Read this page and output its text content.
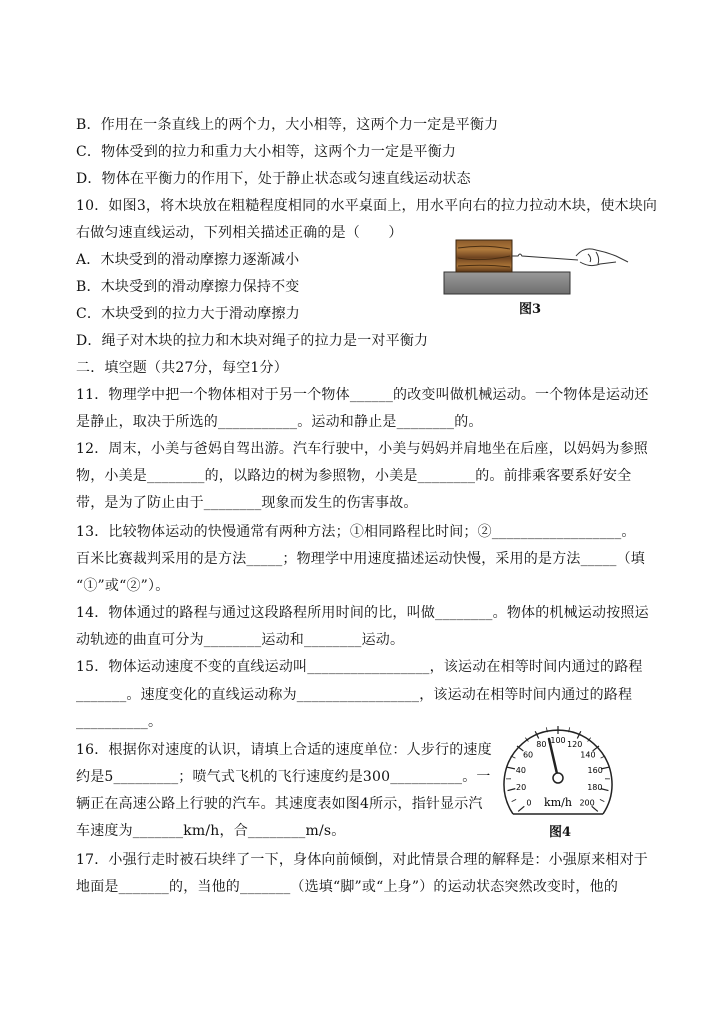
B．作用在一条直线上的两个力，大小相等，这两个力一定是平衡力
C．物体受到的拉力和重力大小相等，这两个力一定是平衡力
D．物体在平衡力的作用下，处于静止状态或匀速直线运动状态
10．如图3，将木块放在粗糙程度相同的水平桌面上，用水平向右的拉力拉动木块，使木块向
右做匀速直线运动，下列相关描述正确的是（　　）
A．木块受到的滑动摩擦力逐渐减小
B．木块受到的滑动摩擦力保持不变
C．木块受到的拉力大于滑动摩擦力
D．绳子对木块的拉力和木块对绳子的拉力是一对平衡力
二．填空题（共27分，每空1分）
11．物理学中把一个物体相对于另一个物体______的改变叫做机械运动。一个物体是运动还
是静止，取决于所选的___________。运动和静止是________的。
12．周末，小美与爸妈自驾出游。汽车行驶中，小美与妈妈并肩地坐在后座，以妈妈为参照
物，小美是________的，以路边的树为参照物，小美是________的。前排乘客要系好安全
带，是为了防止由于________现象而发生的伤害事故。
13．比较物体运动的快慢通常有两种方法；①相同路程比时间；②__________________。
百米比赛裁判采用的是方法_____；物理学中用速度描述运动快慢，采用的是方法_____（填
“①”或“②”）。
14．物体通过的路程与通过这段路程所用时间的比，叫做________。物体的机械运动按照运
动轨迹的曲直可分为________运动和________运动。
15．物体运动速度不变的直线运动叫_________________，该运动在相等时间内通过的路程
_______。速度变化的直线运动称为_________________，该运动在相等时间内通过的路程
__________。
16．根据你对速度的认识，请填上合适的速度单位：人步行的速度
约是5_________；喷气式飞机的飞行速度约是300__________。一
辆正在高速公路上行驶的汽车。其速度表如图4所示，指针显示汽
车速度为_______km/h，合________m/s。
17．小强行走时被石块绊了一下，身体向前倾倒，对此情景合理的解释是：小强原来相对于
地面是_______的，当他的_______（选填“脚”或“上身”）的运动状态突然改变时，他的
图3
0
20
40
60
80 100 120
140
160
180
200
km/h
图4
